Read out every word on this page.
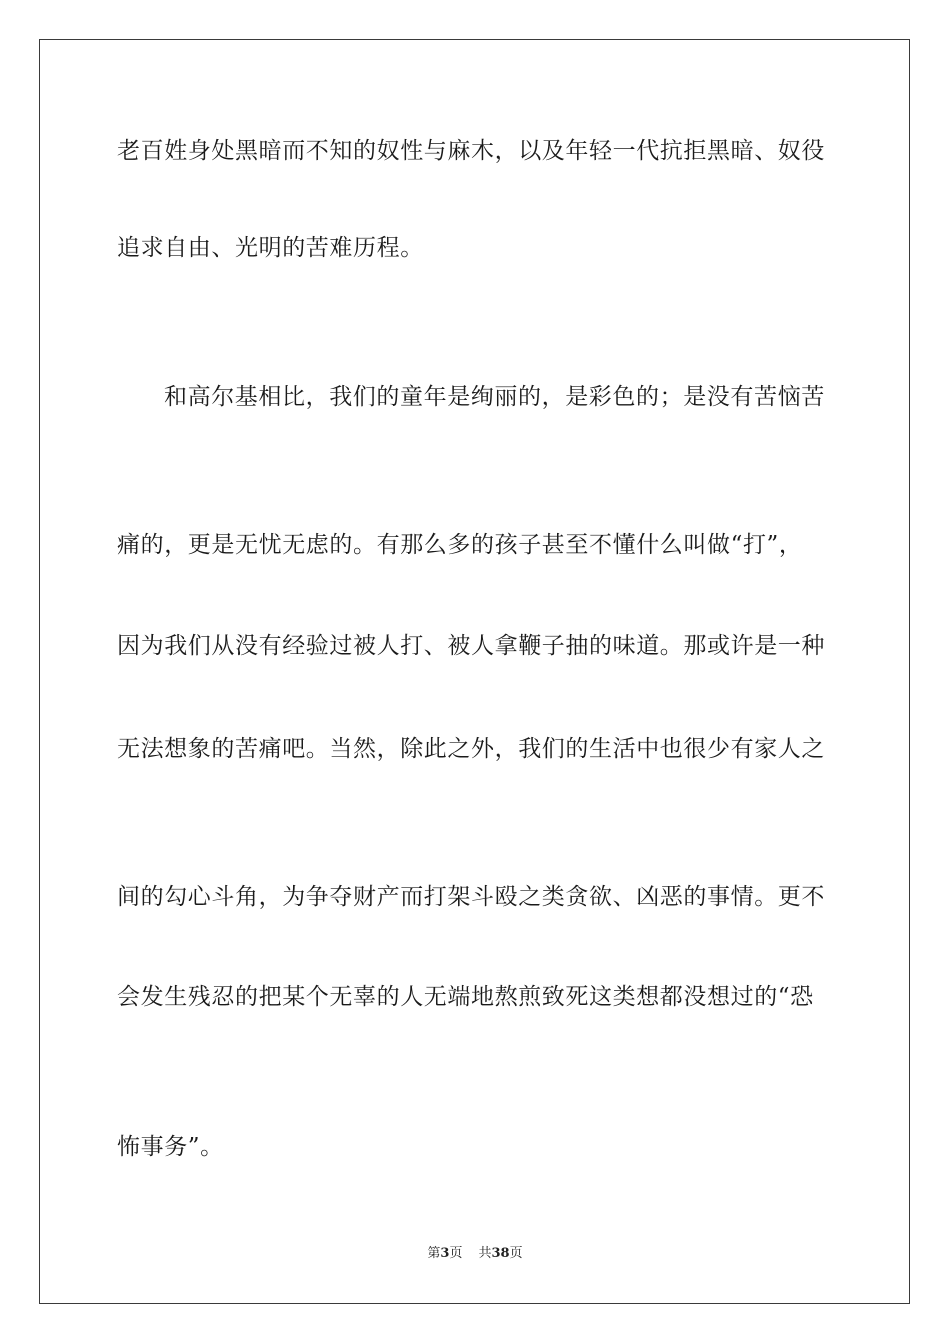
老百姓身处黑暗而不知的奴性与麻木，以及年轻一代抗拒黑暗、奴役
追求自由、光明的苦难历程。
和高尔基相比，我们的童年是绚丽的，是彩色的；是没有苦恼苦
痛的，更是无忧无虑的。有那么多的孩子甚至不懂什么叫做“打”，
因为我们从没有经验过被人打、被人拿鞭子抽的味道。那或许是一种
无法想象的苦痛吧。当然，除此之外，我们的生活中也很少有家人之
间的勾心斗角，为争夺财产而打架斗殴之类贪欲、凶恶的事情。更不
会发生残忍的把某个无辜的人无端地熬煎致死这类想都没想过的“恐
怖事务”。
第3页 共38页
